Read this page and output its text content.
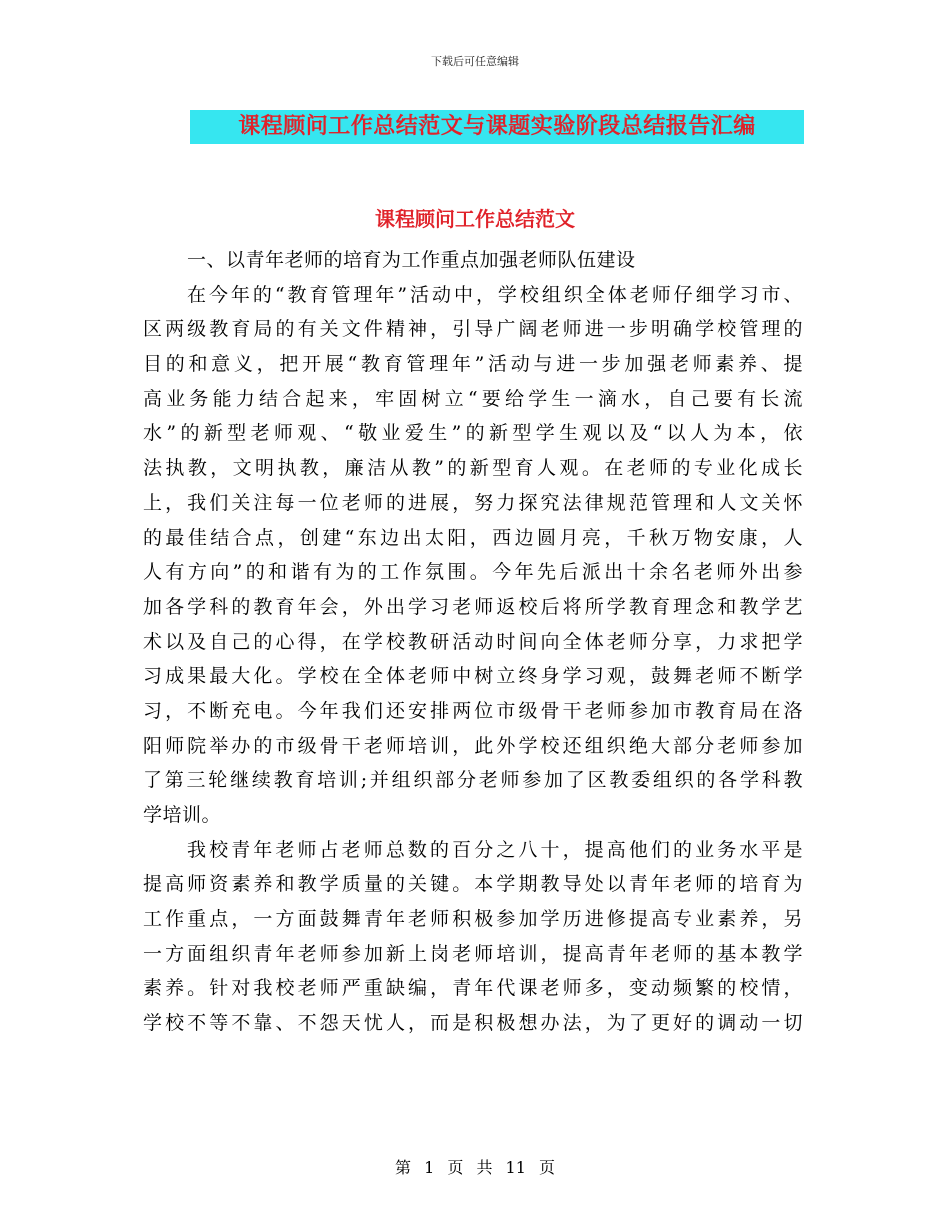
下载后可任意编辑
课程顾问工作总结范文与课题实验阶段总结报告汇编
课程顾问工作总结范文
一、以青年老师的培育为工作重点加强老师队伍建设
在今年的“教育管理年”活动中，学校组织全体老师仔细学习市、
区两级教育局的有关文件精神，引导广阔老师进一步明确学校管理的
目的和意义，把开展“教育管理年”活动与进一步加强老师素养、提
高业务能力结合起来，牢固树立“要给学生一滴水，自己要有长流
水”的新型老师观、“敬业爱生”的新型学生观以及“以人为本，依
法执教，文明执教，廉洁从教”的新型育人观。在老师的专业化成长
上，我们关注每一位老师的进展，努力探究法律规范管理和人文关怀
的最佳结合点，创建“东边出太阳，西边圆月亮，千秋万物安康，人
人有方向”的和谐有为的工作氛围。今年先后派出十余名老师外出参
加各学科的教育年会，外出学习老师返校后将所学教育理念和教学艺
术以及自己的心得，在学校教研活动时间向全体老师分享，力求把学
习成果最大化。学校在全体老师中树立终身学习观，鼓舞老师不断学
习，不断充电。今年我们还安排两位市级骨干老师参加市教育局在洛
阳师院举办的市级骨干老师培训，此外学校还组织绝大部分老师参加
了第三轮继续教育培训;并组织部分老师参加了区教委组织的各学科教
学培训。
我校青年老师占老师总数的百分之八十，提高他们的业务水平是
提高师资素养和教学质量的关键。本学期教导处以青年老师的培育为
工作重点，一方面鼓舞青年老师积极参加学历进修提高专业素养，另
一方面组织青年老师参加新上岗老师培训，提高青年老师的基本教学
素养。针对我校老师严重缺编，青年代课老师多，变动频繁的校情，
学校不等不靠、不怨天忧人，而是积极想办法，为了更好的调动一切
第 1 页 共 11 页
